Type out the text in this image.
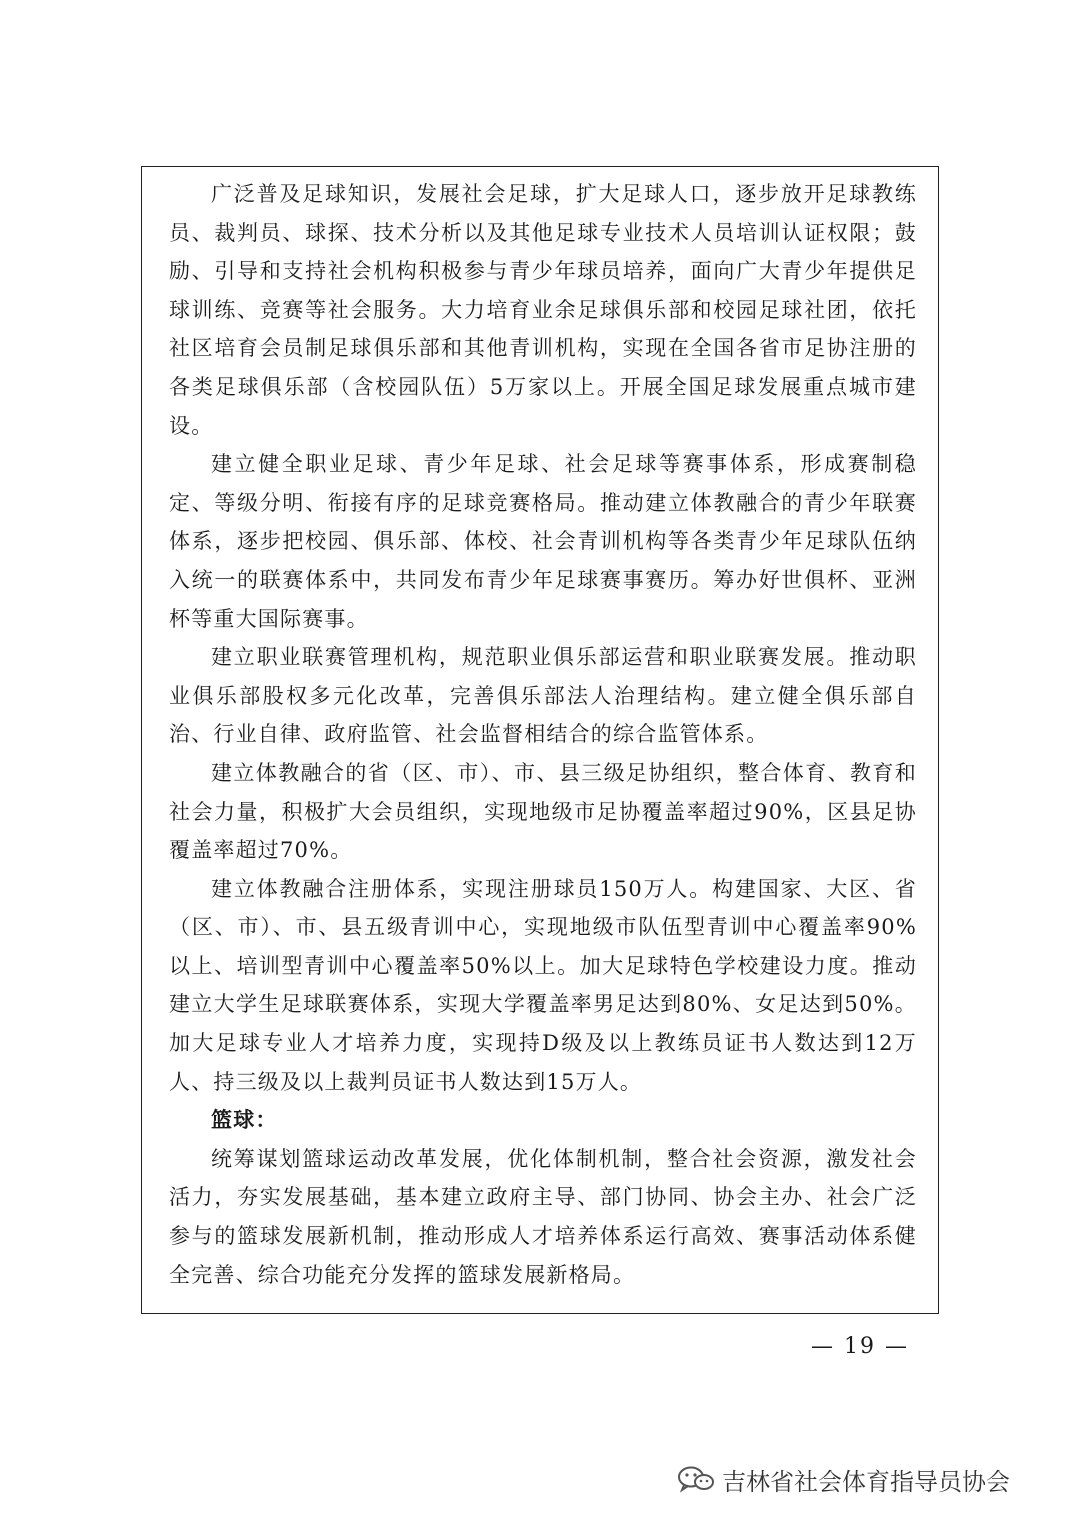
广泛普及足球知识，发展社会足球，扩大足球人口，逐步放开足球教练员、裁判员、球探、技术分析以及其他足球专业技术人员培训认证权限；鼓励、引导和支持社会机构积极参与青少年球员培养，面向广大青少年提供足球训练、竞赛等社会服务。大力培育业余足球俱乐部和校园足球社团，依托社区培育会员制足球俱乐部和其他青训机构，实现在全国各省市足协注册的各类足球俱乐部（含校园队伍）5万家以上。开展全国足球发展重点城市建设。

建立健全职业足球、青少年足球、社会足球等赛事体系，形成赛制稳定、等级分明、衔接有序的足球竞赛格局。推动建立体教融合的青少年联赛体系，逐步把校园、俱乐部、体校、社会青训机构等各类青少年足球队伍纳入统一的联赛体系中，共同发布青少年足球赛事赛历。筹办好世俱杯、亚洲杯等重大国际赛事。

建立职业联赛管理机构，规范职业俱乐部运营和职业联赛发展。推动职业俱乐部股权多元化改革，完善俱乐部法人治理结构。建立健全俱乐部自治、行业自律、政府监管、社会监督相结合的综合监管体系。

建立体教融合的省（区、市）、市、县三级足协组织，整合体育、教育和社会力量，积极扩大会员组织，实现地级市足协覆盖率超过90%，区县足协覆盖率超过70%。

建立体教融合注册体系，实现注册球员150万人。构建国家、大区、省（区、市）、市、县五级青训中心，实现地级市队伍型青训中心覆盖率90%以上、培训型青训中心覆盖率50%以上。加大足球特色学校建设力度。推动建立大学生足球联赛体系，实现大学覆盖率男足达到80%、女足达到50%。加大足球专业人才培养力度，实现持D级及以上教练员证书人数达到12万人、持三级及以上裁判员证书人数达到15万人。

篮球：

统筹谋划篮球运动改革发展，优化体制机制，整合社会资源，激发社会活力，夯实发展基础，基本建立政府主导、部门协同、协会主办、社会广泛参与的篮球发展新机制，推动形成人才培养体系运行高效、赛事活动体系健全完善、综合功能充分发挥的篮球发展新格局。

— 19 —
吉林省社会体育指导员协会
